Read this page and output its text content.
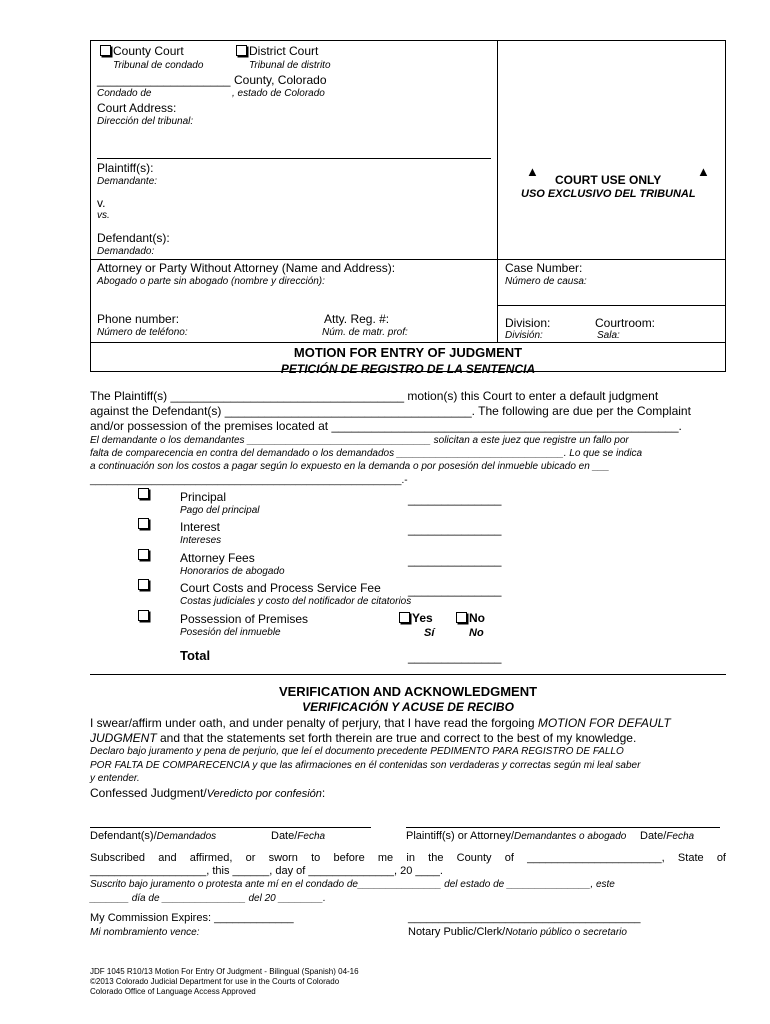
County Court
Tribunal de condado
District Court
Tribunal de distrito
____________________ County, Colorado
Condado de	, estado de Colorado
Court Address:
Dirección del tribunal:
Plaintiff(s):
Demandante:
v.
vs.
Defendant(s):
Demandado:
▲
COURT USE ONLY
▲
USO EXCLUSIVO DEL TRIBUNAL
Attorney or Party Without Attorney (Name and Address):
Abogado o parte sin abogado (nombre y dirección):
Phone number:
Número de teléfono:
Atty. Reg. #:
Núm. de matr. prof:
Case Number:
Número de causa:
Division:
División:
Courtroom:
Sala:
MOTION FOR ENTRY OF JUDGMENT
PETICIÓN DE REGISTRO DE LA SENTENCIA
The Plaintiff(s) ___________________________________ motion(s) this Court to enter a default judgment
against the Defendant(s) _____________________________________. The following are due per the Complaint
and/or possession of the premises located at ____________________________________________________.
El demandante o los demandantes _________________________________ solicitan a este juez que registre un fallo por
falta de comparecencia en contra del demandado o los demandados ______________________________. Lo que se indica
a continuación son los costos a pagar según lo expuesto en la demanda o por posesión del inmueble ubicado en ___
________________________________________________________.-
Principal
Pago del principal
______________
Interest
Intereses
______________
Attorney Fees
Honorarios de abogado
______________
Court Costs and Process Service Fee
Costas judiciales y costo del notificador de citatorios
______________
Possession of Premises
Posesión del inmueble
Yes
Sí
No
No
Total	______________
VERIFICATION AND ACKNOWLEDGMENT
VERIFICACIÓN Y ACUSE DE RECIBO
I swear/affirm under oath, and under penalty of perjury, that I have read the forgoing MOTION FOR DEFAULT
JUDGMENT and that the statements set forth therein are true and correct to the best of my knowledge.
Declaro bajo juramento y pena de perjurio, que leí el documento precedente PEDIMENTO PARA REGISTRO DE FALLO
POR FALTA DE COMPARECENCIA y que las afirmaciones en él contenidas son verdaderas y correctas según mi leal saber
y entender.
Confessed Judgment/Veredicto por confesión:
Defendant(s)/Demandados	Date/Fecha	Plaintiff(s) or Attorney/Demandantes o abogado Date/Fecha
Subscribed and affirmed, or sworn to before me in the County of ______________________, State of
___________________, this ______, day of ______________, 20 ____.
Suscrito bajo juramento o protesta ante mí en el condado de_______________ del estado de _______________, este
_______ día de _______________ del 20 ________.
My Commission Expires: _____________
Mi nombramiento vence:
______________________________________
Notary Public/Clerk/Notario público o secretario
JDF 1045 R10/13 Motion For Entry Of Judgment - Bilingual (Spanish) 04-16
©2013 Colorado Judicial Department for use in the Courts of Colorado
Colorado Office of Language Access Approved
